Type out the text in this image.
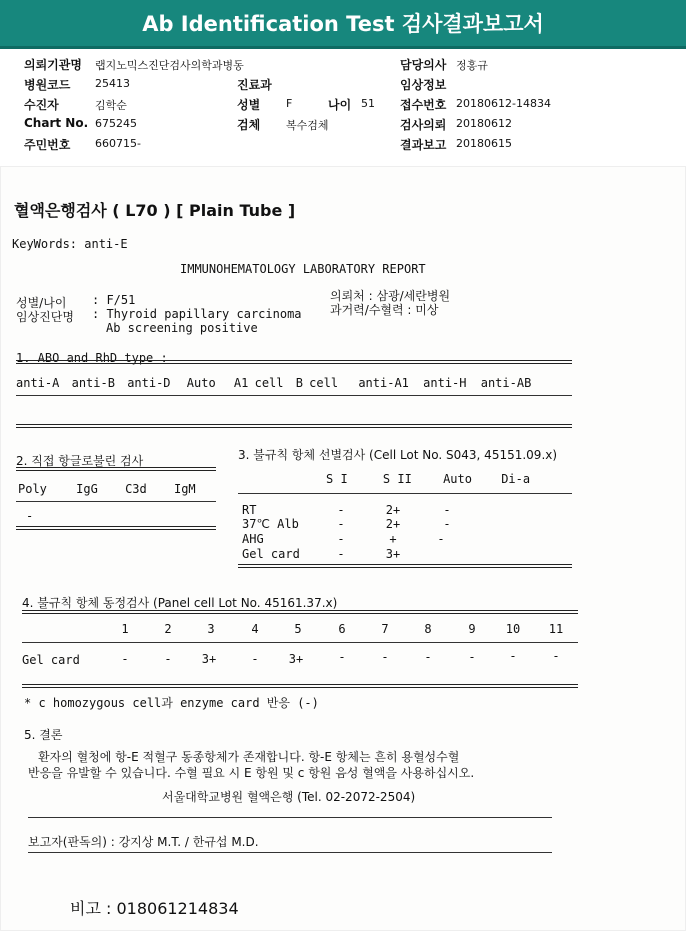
Ab Identification Test 검사결과보고서
의뢰기관명 랩지노믹스진단검사의학과병동	담당의사 정홍규
병원코드 25413	진료과	임상정보
수진자	김학순	성별 F	나이 51 접수번호 20180612-14834
Chart No. 675245	검체 복수검체	검사의뢰 20180612
주민번호 660715-	결과보고 20180615
혈액은행검사 ( L70 ) [ Plain Tube ]
KeyWords: anti-E
IMMUNOHEMATOLOGY LABORATORY REPORT
성별/나이 : F/51
임상진단명 : Thyroid papillary carcinoma
Ab screening positive
의뢰처 : 삼광/세란병원
과거력/수혈력 : 미상
1. ABO and RhD type :
anti-A anti-B anti-D Auto A1 cell B cell anti-A1 anti-H anti-AB
2. 직접 항글로불린 검사
Poly IgG C3d IgM
-
3. 불규칙 항체 선별검사 (Cell Lot No. S043, 45151.09.x)
S I	S II	Auto Di-a
RT	-	2+	-
37℃ Alb	-	2+	-
AHG	-	+	-
Gel card	-	3+
4. 불규칙 항체 동정검사 (Panel cell Lot No. 45161.37.x)
1	2	3	4	5	6	7	8	9	10	11
Gel card	-	-	3+	-	3+	-	-	-	-	-	-
* c homozygous cell과 enzyme card 반응 (-)
5. 결론
환자의 혈청에 항-E 적혈구 동종항체가 존재합니다. 항-E 항체는 흔히 용혈성수혈
반응을 유발할 수 있습니다. 수혈 필요 시 E 항원 및 c 항원 음성 혈액을 사용하십시오.
서울대학교병원 혈액은행 (Tel. 02-2072-2504)
보고자(판독의) : 강지상 M.T. / 한규섭 M.D.
비고 : 018061214834
